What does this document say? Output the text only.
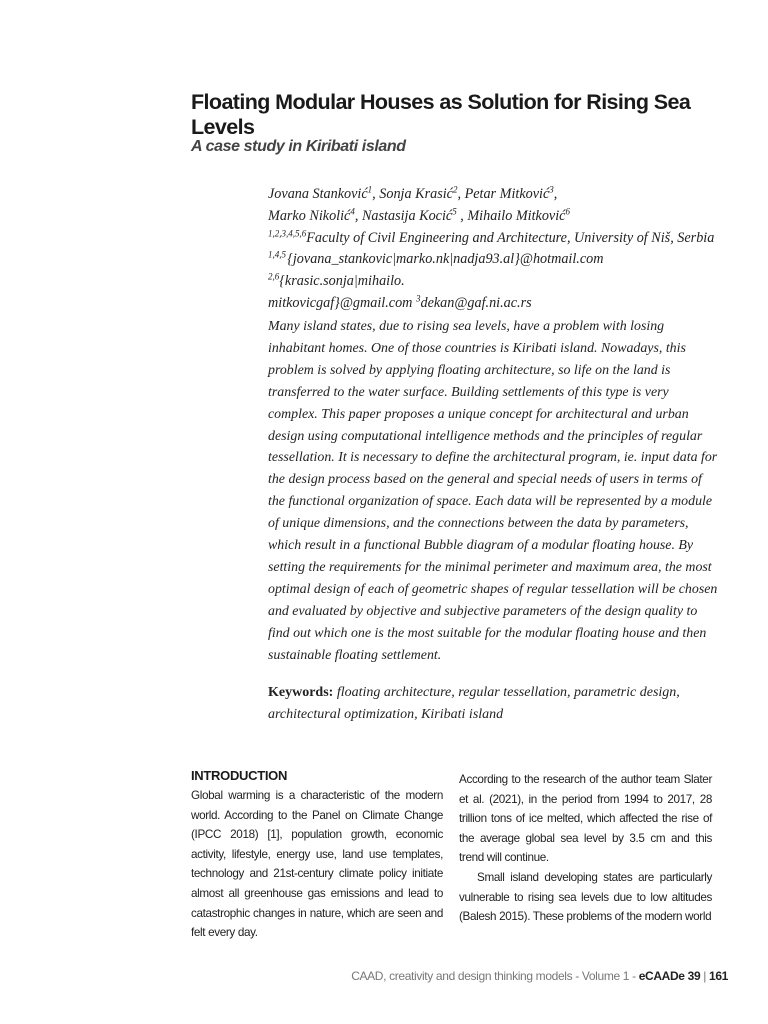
Floating Modular Houses as Solution for Rising Sea Levels
A case study in Kiribati island
Jovana Stanković$^1$, Sonja Krasić$^2$, Petar Mitković$^3$,
Marko Nikolić$^4$, Nastasija Kocić$^5$ , Mihailo Mitković$^6$
$^{1,2,3,4,5,6}$Faculty of Civil Engineering and Architecture, University of Niš, Serbia
$^{1,4,5}$ {jovana_stankovic|marko.nk|nadja93.al}@hotmail.com $^{2,6}${krasic.sonja|mihailo.
mitkovicgaf}@gmail.com $^3$dekan@gaf.ni.ac.rs

Many island states, due to rising sea levels, have a problem with losing inhabitant homes. One of those countries is Kiribati island. Nowadays, this problem is solved by applying floating architecture, so life on the land is transferred to the water surface. Building settlements of this type is very complex. This paper proposes a unique concept for architectural and urban design using computational intelligence methods and the principles of regular tessellation. It is necessary to define the architectural program, ie. input data for the design process based on the general and special needs of users in terms of the functional organization of space. Each data will be represented by a module of unique dimensions, and the connections between the data by parameters, which result in a functional Bubble diagram of a modular floating house. By setting the requirements for the minimal perimeter and maximum area, the most optimal design of each of geometric shapes of regular tessellation will be chosen and evaluated by objective and subjective parameters of the design quality to find out which one is the most suitable for the modular floating house and then sustainable floating settlement.

Keywords: floating architecture, regular tessellation, parametric design, architectural optimization, Kiribati island
INTRODUCTION

Global warming is a characteristic of the modern world. According to the Panel on Climate Change (IPCC 2018) [1], population growth, economic activity, lifestyle, energy use, land use templates, technology and 21st-century climate policy initiate almost all greenhouse gas emissions and lead to catastrophic changes in nature, which are seen and felt every day.

According to the research of the author team Slater et al. (2021), in the period from 1994 to 2017, 28 trillion tons of ice melted, which affected the rise of the average global sea level by 3.5 cm and this trend will continue.

Small island developing states are particularly vulnerable to rising sea levels due to low altitudes (Balesh 2015). These problems of the modern world

CAAD, creativity and design thinking models - Volume 1 - eCAADe 39 | 161
